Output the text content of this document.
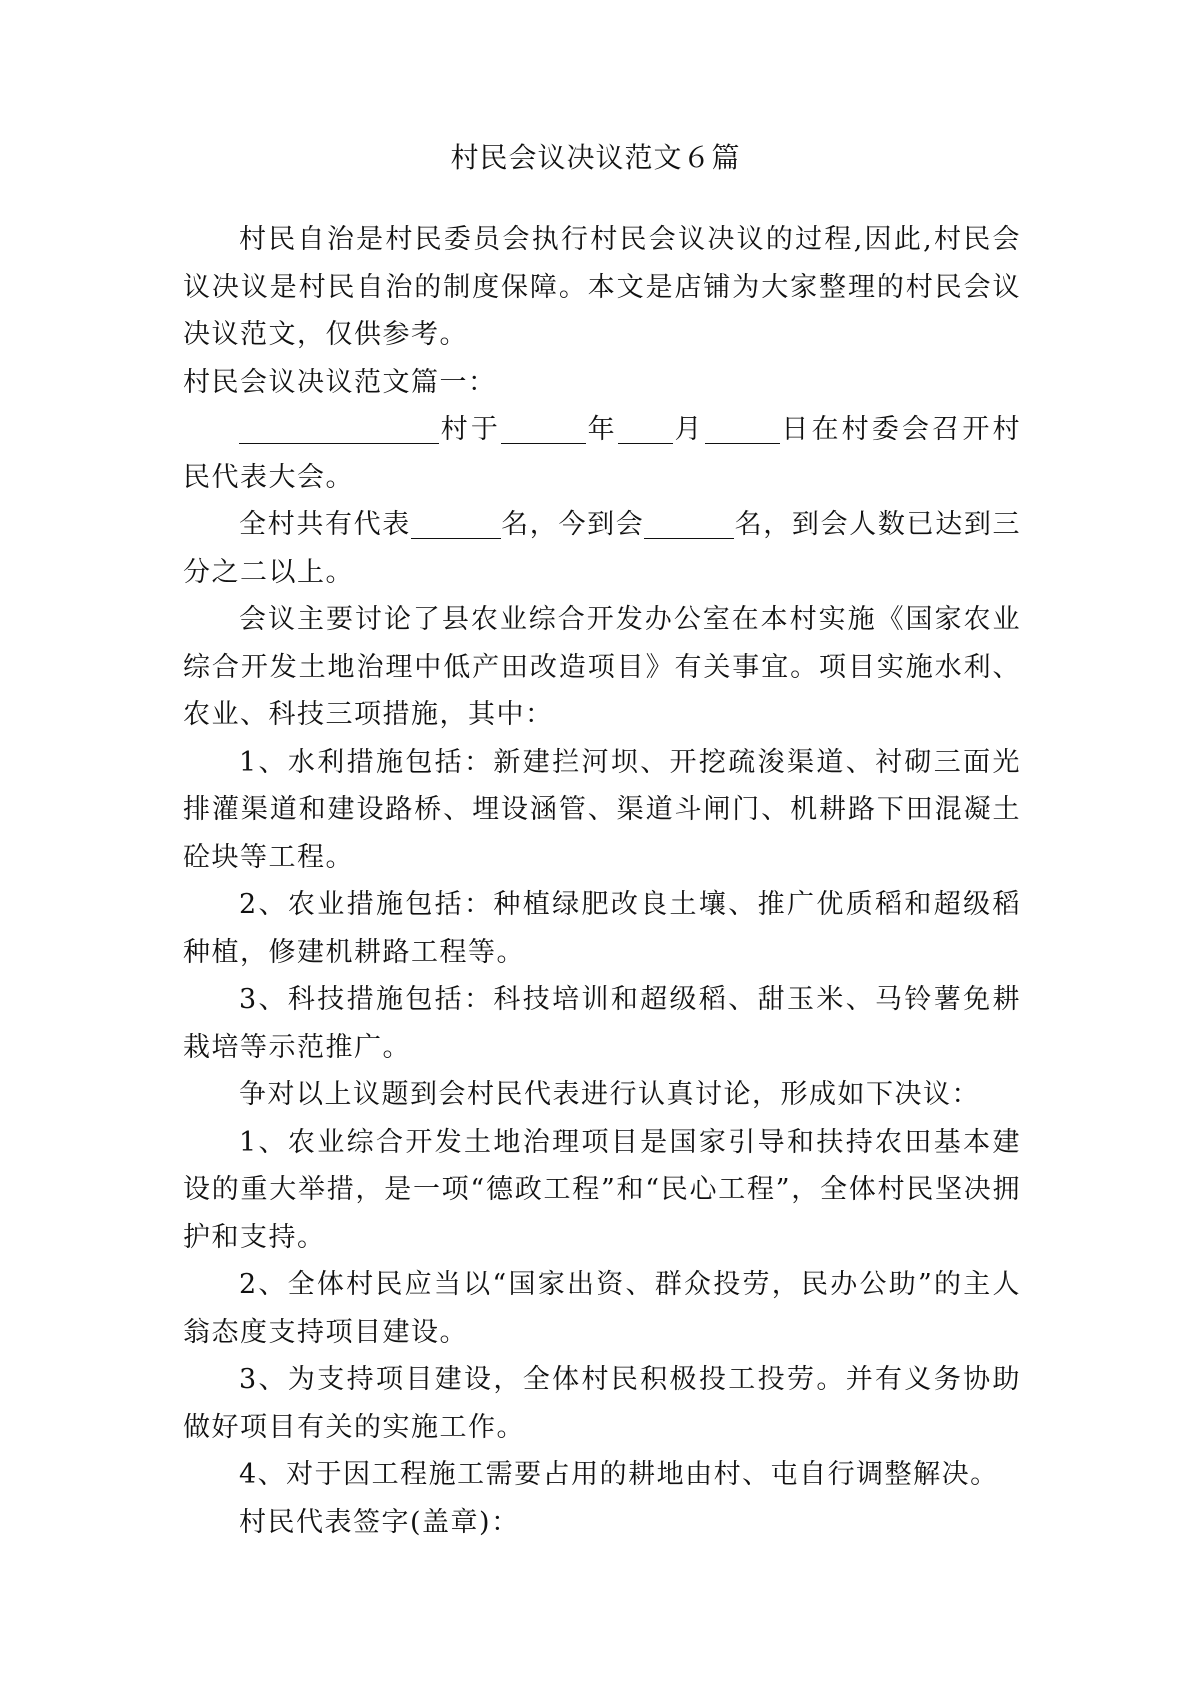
村民会议决议范文６篇

村民自治是村民委员会执行村民会议决议的过程,因此,村民会议决议是村民自治的制度保障。本文是店铺为大家整理的村民会议决议范文，仅供参考。

村民会议决议范文篇一：

村于	年 月	日在村委会召开村民代表大会。

全村共有代表	名，今到会	名，到会人数已达到三分之二以上。

会议主要讨论了县农业综合开发办公室在本村实施《国家农业综合开发土地治理中低产田改造项目》有关事宜。项目实施水利、农业、科技三项措施，其中：

1、水利措施包括：新建拦河坝、开挖疏浚渠道、衬砌三面光排灌渠道和建设路桥、埋设涵管、渠道斗闸门、机耕路下田混凝土砼块等工程。

2、农业措施包括：种植绿肥改良土壤、推广优质稻和超级稻种植，修建机耕路工程等。

3、科技措施包括：科技培训和超级稻、甜玉米、马铃薯免耕栽培等示范推广。

争对以上议题到会村民代表进行认真讨论，形成如下决议：

1、农业综合开发土地治理项目是国家引导和扶持农田基本建设的重大举措，是一项“德政工程”和“民心工程”，全体村民坚决拥护和支持。

2、全体村民应当以“国家出资、群众投劳，民办公助”的主人翁态度支持项目建设。

3、为支持项目建设，全体村民积极投工投劳。并有义务协助做好项目有关的实施工作。

4、对于因工程施工需要占用的耕地由村、屯自行调整解决。

村民代表签字(盖章)：
